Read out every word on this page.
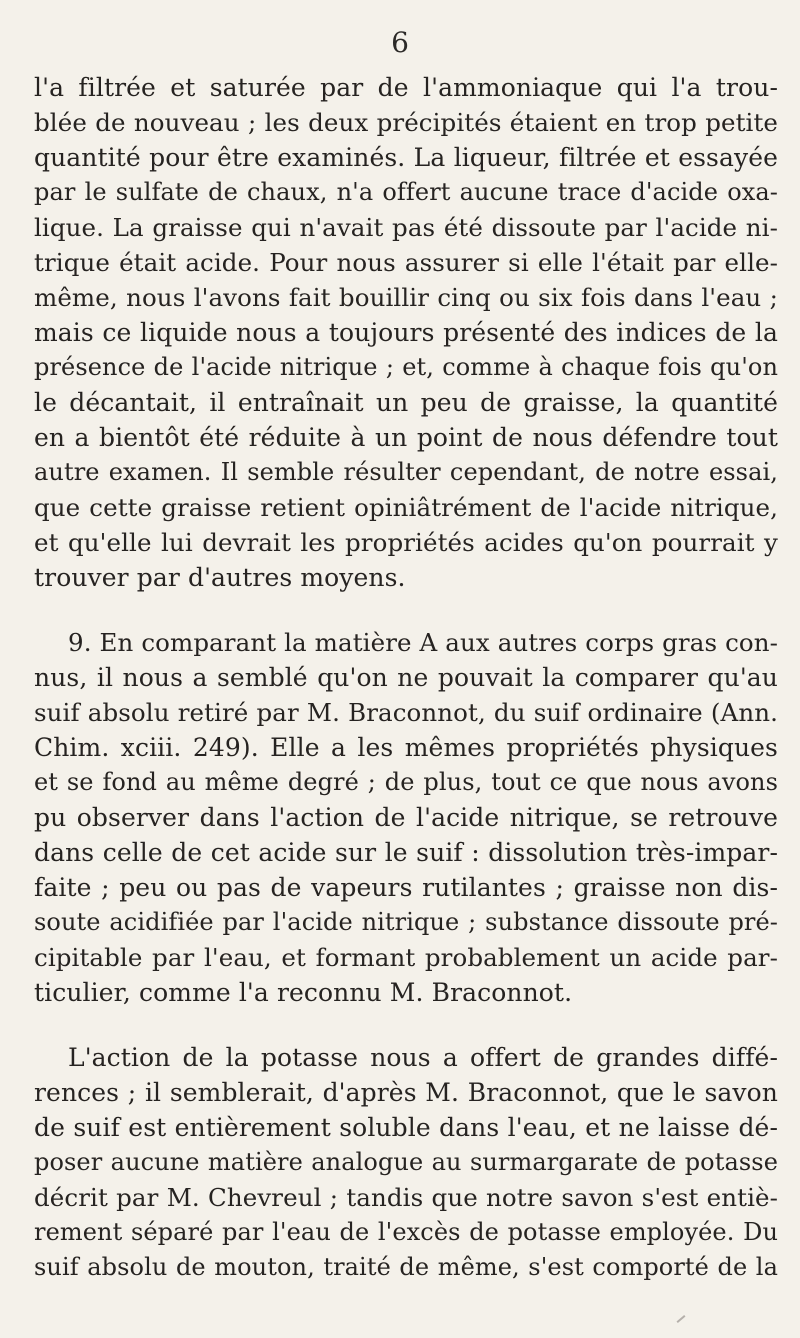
6
l'a filtrée et saturée par de l'ammoniaque qui l'a trou-
blée de nouveau ; les deux précipités étaient en trop petite
quantité pour être examinés. La liqueur, filtrée et essayée
par le sulfate de chaux, n'a offert aucune trace d'acide oxa-
lique. La graisse qui n'avait pas été dissoute par l'acide ni-
trique était acide. Pour nous assurer si elle l'était par elle-
même, nous l'avons fait bouillir cinq ou six fois dans l'eau ;
mais ce liquide nous a toujours présenté des indices de la
présence de l'acide nitrique ; et, comme à chaque fois qu'on
le décantait, il entraînait un peu de graisse, la quantité
en a bientôt été réduite à un point de nous défendre tout
autre examen. Il semble résulter cependant, de notre essai,
que cette graisse retient opiniâtrément de l'acide nitrique,
et qu'elle lui devrait les propriétés acides qu'on pourrait y
trouver par d'autres moyens.
9. En comparant la matière A aux autres corps gras con-
nus, il nous a semblé qu'on ne pouvait la comparer qu'au
suif absolu retiré par M. Braconnot, du suif ordinaire (Ann.
Chim. xciii. 249). Elle a les mêmes propriétés physiques
et se fond au même degré ; de plus, tout ce que nous avons
pu observer dans l'action de l'acide nitrique, se retrouve
dans celle de cet acide sur le suif : dissolution très-impar-
faite ; peu ou pas de vapeurs rutilantes ; graisse non dis-
soute acidifiée par l'acide nitrique ; substance dissoute pré-
cipitable par l'eau, et formant probablement un acide par-
ticulier, comme l'a reconnu M. Braconnot.
L'action de la potasse nous a offert de grandes diffé-
rences ; il semblerait, d'après M. Braconnot, que le savon
de suif est entièrement soluble dans l'eau, et ne laisse dé-
poser aucune matière analogue au surmargarate de potasse
décrit par M. Chevreul ; tandis que notre savon s'est entiè-
rement séparé par l'eau de l'excès de potasse employée. Du
suif absolu de mouton, traité de même, s'est comporté de la
